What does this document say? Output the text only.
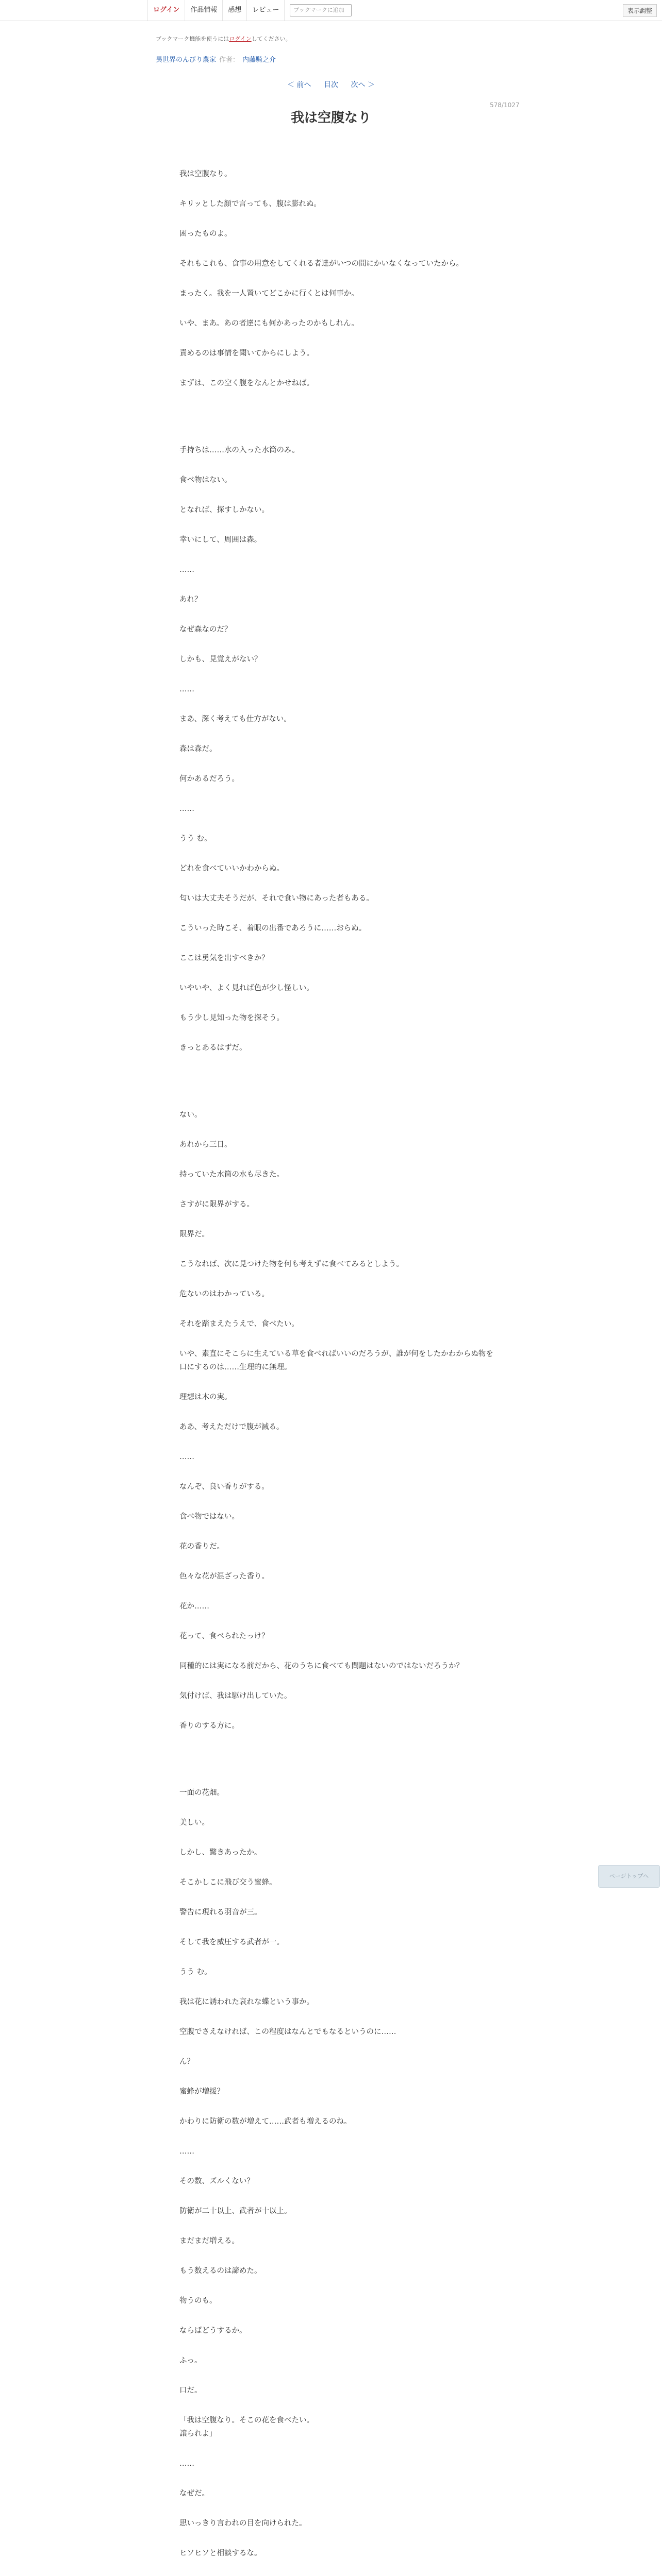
ログイン	作品情報	感想	レビュー	ブックマークに追加	表示調整
ブックマーク機能を使うにはログインしてください。
異世界のんびり農家 作者： 内藤騎之介
＜ 前へ 目次 次へ ＞
578/1027
我は空腹なり

我は空腹なり。

キリッとした顔で言っても、腹は膨れぬ。

困ったものよ。

それもこれも、食事の用意をしてくれる者達がいつの間にかいなくなっていたから。

まったく。我を一人置いてどこかに行くとは何事か。

いや、まあ。あの者達にも何かあったのかもしれん。

責めるのは事情を聞いてからにしよう。

まずは、この空く腹をなんとかせねば。

手持ちは……水の入った水筒のみ。

食べ物はない。

となれば、探すしかない。

幸いにして、周囲は森。

……

あれ？

なぜ森なのだ？

しかも、見覚えがない？

……

まあ、深く考えても仕方がない。

森は森だ。

何かあるだろう。

……

うう む。

どれを食べていいかわからぬ。

匂いは大丈夫そうだが、それで食い物にあった者もある。

こういった時こそ、着眼の出番であろうに……おらぬ。

ここは勇気を出すべきか？

いやいや、よく見れば色が少し怪しい。

もう少し見知った物を探そう。

きっとあるはずだ。

ない。

あれから三日。

持っていた水筒の水も尽きた。

さすがに限界がする。

限界だ。

こうなれば、次に見つけた物を何も考えずに食べてみるとしよう。

危ないのはわかっている。

それを踏まえたうえで、食べたい。

いや、素直にそこらに生えている草を食べればいいのだろうが、誰が何をしたかわからぬ物を口にするのは……生理的に無理。

理想は木の実。

ああ、考えただけで腹が減る。

……

なんぞ、良い香りがする。

食べ物ではない。

花の香りだ。

色々な花が混ざった香り。

花か……

花って、食べられたっけ？

同種的には実になる前だから、花のうちに食べても問題はないのではないだろうか？

気付けば、我は駆け出していた。

香りのする方に。

一面の花畑。

美しい。

しかし、驚きあったか。

そこかしこに飛び交う蜜蜂。

警告に現れる羽音が三。

そして我を威圧する武者が一。

うう む。

我は花に誘われた哀れな蝶という事か。

空腹でさえなければ、この程度はなんとでもなるというのに……

ん？

蜜蜂が増援？

かわりに防衛の数が増えて……武者も増えるのね。

……

その数、ズルくない？

防衛が二十以上、武者が十以上。

まだまだ増える。

もう数えるのは諦めた。

物うのも。

ならばどうするか。

ふっ。

口だ。

「我は空腹なり。そこの花を食べたい。
譲られよ」

……

なぜだ。

思いっきり言われの目を向けられた。

ヒソヒソと相談するな。

ページトップへ
